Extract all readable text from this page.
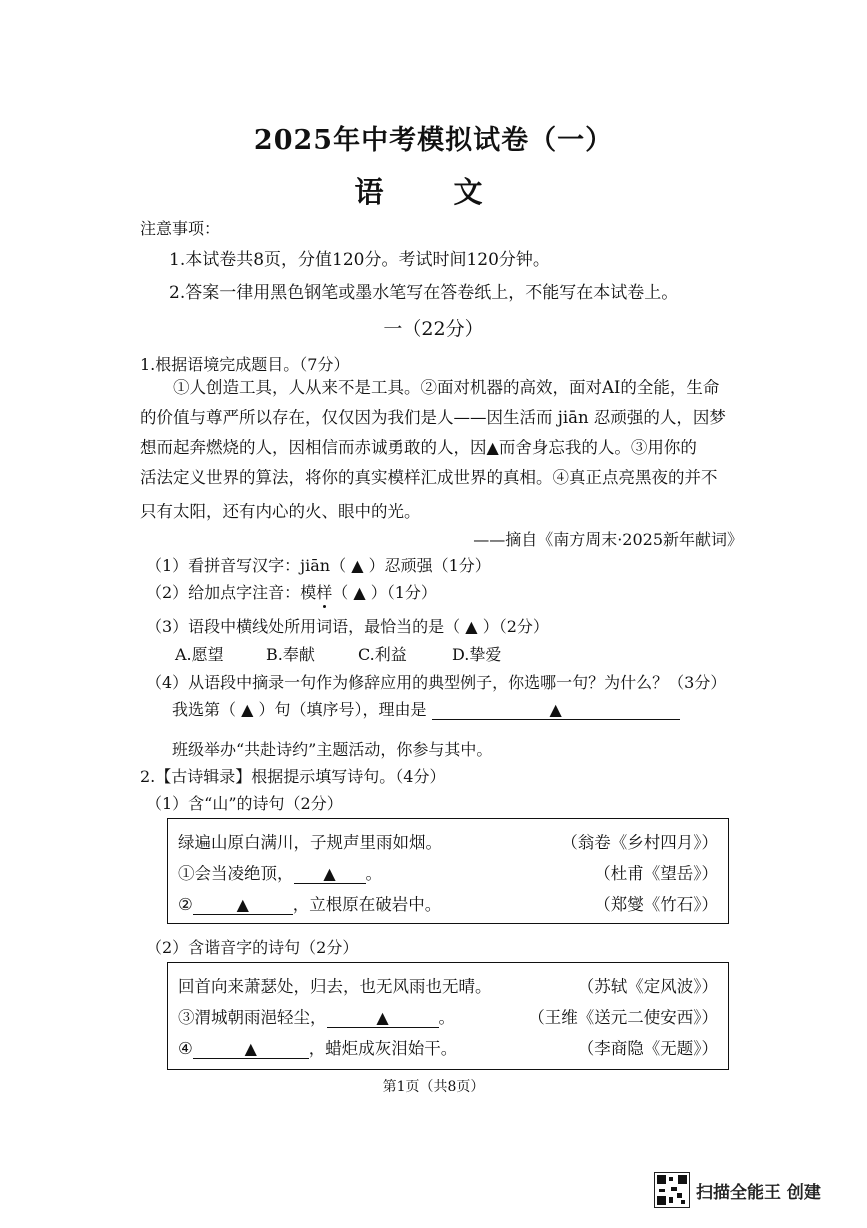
2025年中考模拟试卷（一）
语 文
注意事项：
1.本试卷共8页，分值120分。考试时间120分钟。
2.答案一律用黑色钢笔或墨水笔写在答卷纸上，不能写在本试卷上。
一（22分）
1.根据语境完成题目。（7分）
①人创造工具，人从来不是工具。②面对机器的高效，面对AI的全能，生命
的价值与尊严所以存在，仅仅因为我们是人——因生活而 jiān 忍顽强的人，因梦
想而起奔燃烧的人，因相信而赤诚勇敢的人，因▲而舍身忘我的人。③用你的
活法定义世界的算法，将你的真实模样汇成世界的真相。④真正点亮黑夜的并不
只有太阳，还有内心的火、眼中的光。
——摘自《南方周末·2025新年献词》
（1）看拼音写汉字：jiān（ ▲ ）忍顽强（1分）
（2）给加点字注音：模样（ ▲ ）（1分）
（3）语段中横线处所用词语，最恰当的是（ ▲ ）（2分）
A.愿望	B.奉献	C.利益	D.挚爱
（4）从语段中摘录一句作为修辞应用的典型例子，你选哪一句？为什么？（3分）
我选第（ ▲ ）句（填序号），理由是	▲
班级举办“共赴诗约”主题活动，你参与其中。
2.【古诗辑录】根据提示填写诗句。（4分）
（1）含“山”的诗句（2分）
绿遍山原白满川，子规声里雨如烟。	（翁卷《乡村四月》）
①会当凌绝顶， ▲ 。	（杜甫《望岳》）
②	▲	，立根原在破岩中。	（郑燮《竹石》）
（2）含谐音字的诗句（2分）
回首向来萧瑟处，归去，也无风雨也无晴。	（苏轼《定风波》）
③渭城朝雨浥轻尘，	▲	。	（王维《送元二使安西》）
④	▲	，蜡炬成灰泪始干。	（李商隐《无题》）
第1页（共8页）
扫描全能王 创建
